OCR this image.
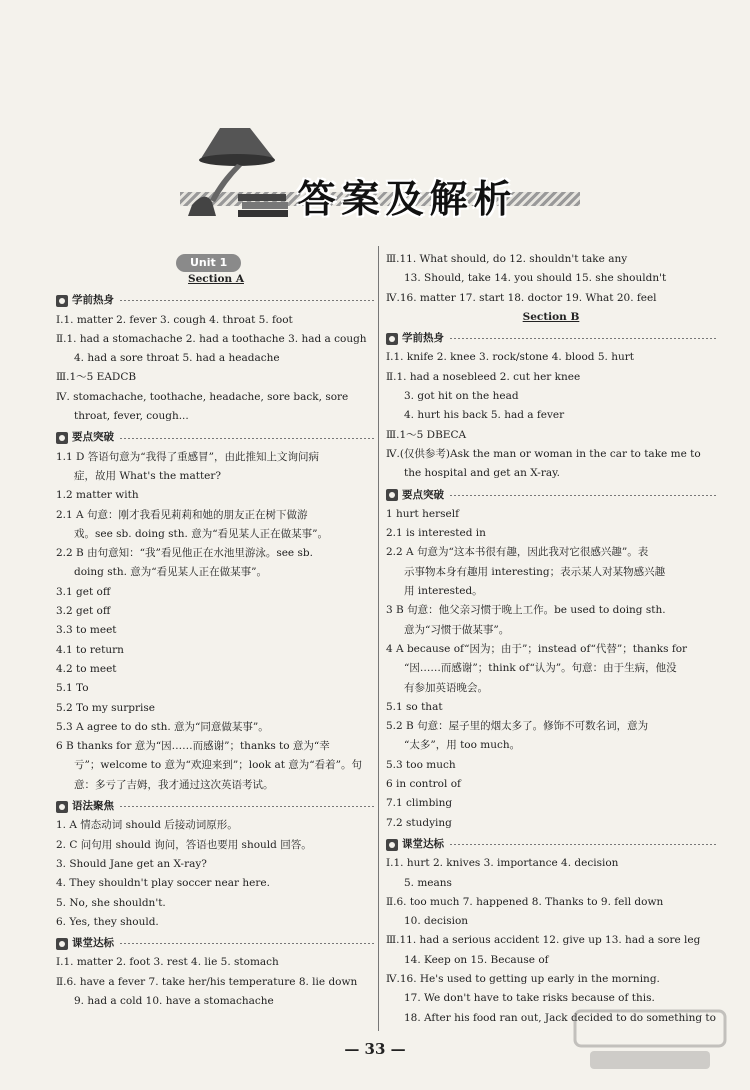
答案及解析
Unit 1
Section A
学前热身
Ⅰ.1. matter 2. fever 3. cough 4. throat 5. foot
Ⅱ.1. had a stomachache 2. had a toothache 3. had a cough
4. had a sore throat 5. had a headache
Ⅲ.1～5 EADCB
Ⅳ. stomachache, toothache, headache, sore back, sore
throat, fever, cough...
要点突破
1.1 D 答语句意为“我得了重感冒”，由此推知上文询问病
症，故用 What's the matter?
1.2 matter with
2.1 A 句意：刚才我看见莉莉和她的朋友正在树下做游
戏。see sb. doing sth. 意为“看见某人正在做某事”。
2.2 B 由句意知：“我”看见他正在水池里游泳。see sb.
doing sth. 意为“看见某人正在做某事”。
3.1 get off
3.2 get off
3.3 to meet
4.1 to return
4.2 to meet
5.1 To
5.2 To my surprise
5.3 A agree to do sth. 意为“同意做某事”。
6 B thanks for 意为“因……而感谢”；thanks to 意为“幸
亏”；welcome to 意为“欢迎来到”；look at 意为“看着”。句
意：多亏了吉姆，我才通过这次英语考试。
语法聚焦
1. A 情态动词 should 后接动词原形。
2. C 问句用 should 询问，答语也要用 should 回答。
3. Should Jane get an X-ray?
4. They shouldn't play soccer near here.
5. No, she shouldn't.
6. Yes, they should.
课堂达标
Ⅰ.1. matter 2. foot 3. rest 4. lie 5. stomach
Ⅱ.6. have a fever 7. take her/his temperature 8. lie down
9. had a cold 10. have a stomachache
Ⅲ.11. What should, do 12. shouldn't take any
13. Should, take 14. you should 15. she shouldn't
Ⅳ.16. matter 17. start 18. doctor 19. What 20. feel
Section B
学前热身
Ⅰ.1. knife 2. knee 3. rock/stone 4. blood 5. hurt
Ⅱ.1. had a nosebleed 2. cut her knee
3. got hit on the head
4. hurt his back 5. had a fever
Ⅲ.1～5 DBECA
Ⅳ.(仅供参考)Ask the man or woman in the car to take me to
the hospital and get an X-ray.
要点突破
1 hurt herself
2.1 is interested in
2.2 A 句意为“这本书很有趣，因此我对它很感兴趣”。表
示事物本身有趣用 interesting；表示某人对某物感兴趣
用 interested。
3 B 句意：他父亲习惯于晚上工作。be used to doing sth.
意为“习惯于做某事”。
4 A because of“因为；由于”；instead of“代替”；thanks for
“因……而感谢”；think of“认为”。句意：由于生病，他没
有参加英语晚会。
5.1 so that
5.2 B 句意：屋子里的烟太多了。修饰不可数名词，意为
“太多”，用 too much。
5.3 too much
6 in control of
7.1 climbing
7.2 studying
课堂达标
Ⅰ.1. hurt 2. knives 3. importance 4. decision
5. means
Ⅱ.6. too much 7. happened 8. Thanks to 9. fell down
10. decision
Ⅲ.11. had a serious accident 12. give up 13. had a sore leg
14. Keep on 15. Because of
Ⅳ.16. He's used to getting up early in the morning.
17. We don't have to take risks because of this.
18. After his food ran out, Jack decided to do something to
— 33 —
